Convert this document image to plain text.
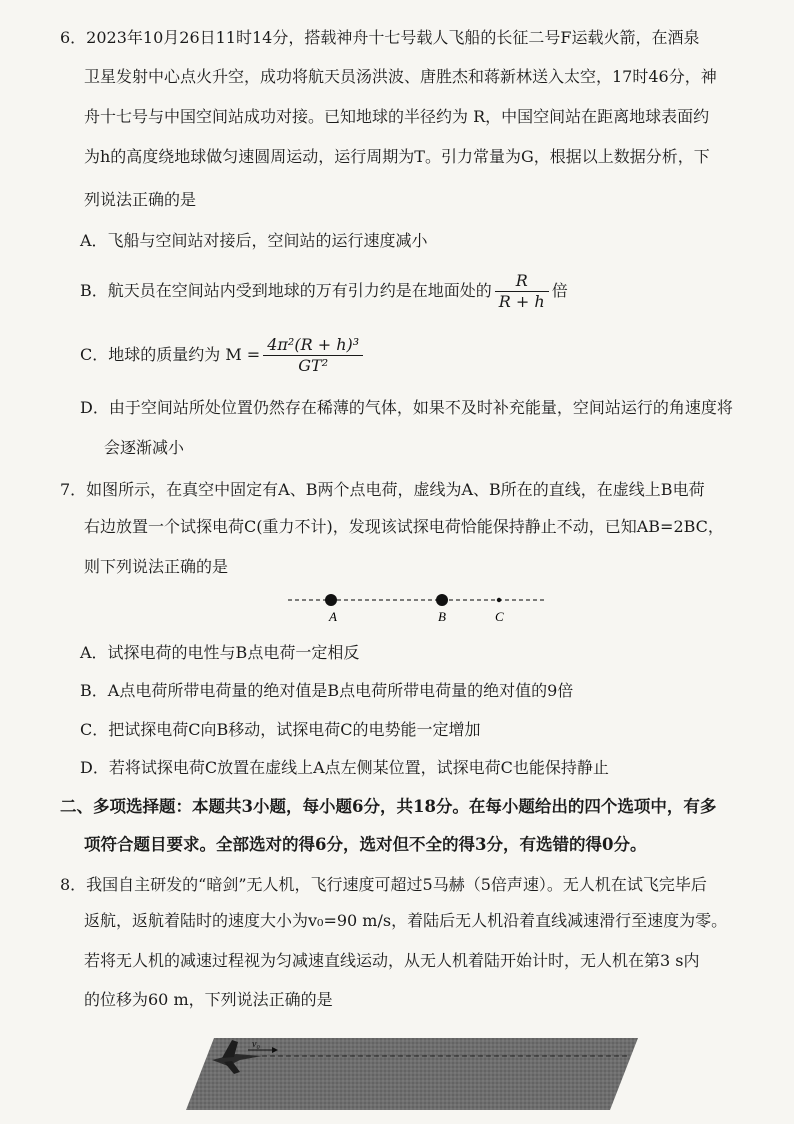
6．2023年10月26日11时14分，搭载神舟十七号载人飞船的长征二号F运载火箭，在酒泉
卫星发射中心点火升空，成功将航天员汤洪波、唐胜杰和蒋新林送入太空，17时46分，神
舟十七号与中国空间站成功对接。已知地球的半径约为 R，中国空间站在距离地球表面约
为h的高度绕地球做匀速圆周运动，运行周期为T。引力常量为G，根据以上数据分析，下
列说法正确的是
A．飞船与空间站对接后，空间站的运行速度减小
B．航天员在空间站内受到地球的万有引力约是在地面处的 $\frac{R}{R + h}$ 倍
C．地球的质量约为 $M = \frac{\text{4π²(R + h)³}}{\text{GT²}}$
D．由于空间站所处位置仍然存在稀薄的气体，如果不及时补充能量，空间站运行的角速度将
会逐渐减小
7．如图所示，在真空中固定有A、B两个点电荷，虚线为A、B所在的直线，在虚线上B电荷
右边放置一个试探电荷C(重力不计)，发现该试探电荷恰能保持静止不动，已知AB=2BC，
则下列说法正确的是
A	B	C
A．试探电荷的电性与B点电荷一定相反
B．A点电荷所带电荷量的绝对值是B点电荷所带电荷量的绝对值的9倍
C．把试探电荷C向B移动，试探电荷C的电势能一定增加
D．若将试探电荷C放置在虚线上A点左侧某位置，试探电荷C也能保持静止
二、多项选择题：本题共3小题，每小题6分，共18分。在每小题给出的四个选项中，有多
项符合题目要求。全部选对的得6分，选对但不全的得3分，有选错的得0分。
8．我国自主研发的“暗剑”无人机，飞行速度可超过5马赫（5倍声速）。无人机在试飞完毕后
返航，返航着陆时的速度大小为v₀=90 m/s，着陆后无人机沿着直线减速滑行至速度为零。
若将无人机的减速过程视为匀减速直线运动，从无人机着陆开始计时，无人机在第3 s内
的位移为60 m，下列说法正确的是
v₀
